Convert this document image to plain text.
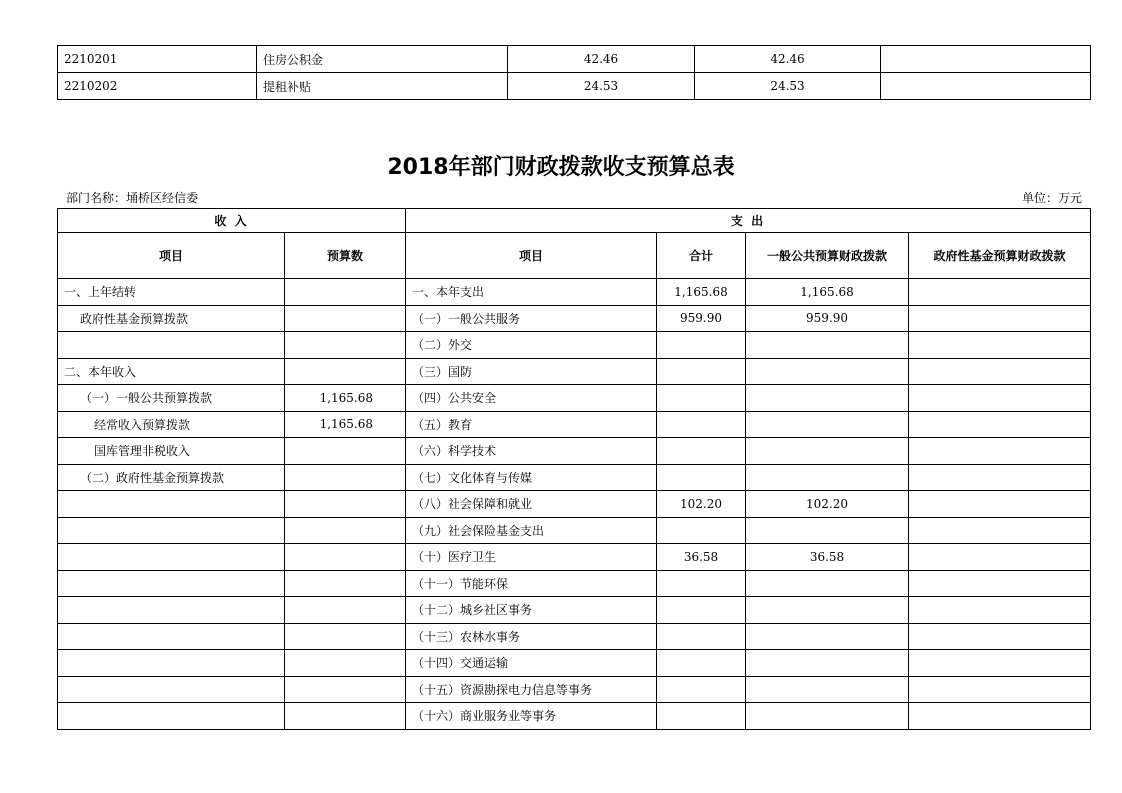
2210201	住房公积金	42.46	42.46	
2210202	提租补贴	24.53	24.53	
2018年部门财政拨款收支预算总表
部门名称：埇桥区经信委	单位：万元
收 入		支 出			
项目	预算数	项目	合计	一般公共预算财政拨款	政府性基金预算财政拨款
一、上年结转		一、本年支出	1,165.68	1,165.68	
政府性基金预算拨款		（一）一般公共服务	959.90	959.90	
		（二）外交			
二、本年收入		（三）国防			
（一）一般公共预算拨款	1,165.68	（四）公共安全			
经常收入预算拨款	1,165.68	（五）教育			
国库管理非税收入		（六）科学技术			
（二）政府性基金预算拨款		（七）文化体育与传媒			
		（八）社会保障和就业	102.20	102.20	
		（九）社会保险基金支出			
		（十）医疗卫生	36.58	36.58	
		（十一）节能环保			
		（十二）城乡社区事务			
		（十三）农林水事务			
		（十四）交通运输			
		（十五）资源勘探电力信息等事务			
		（十六）商业服务业等事务			
